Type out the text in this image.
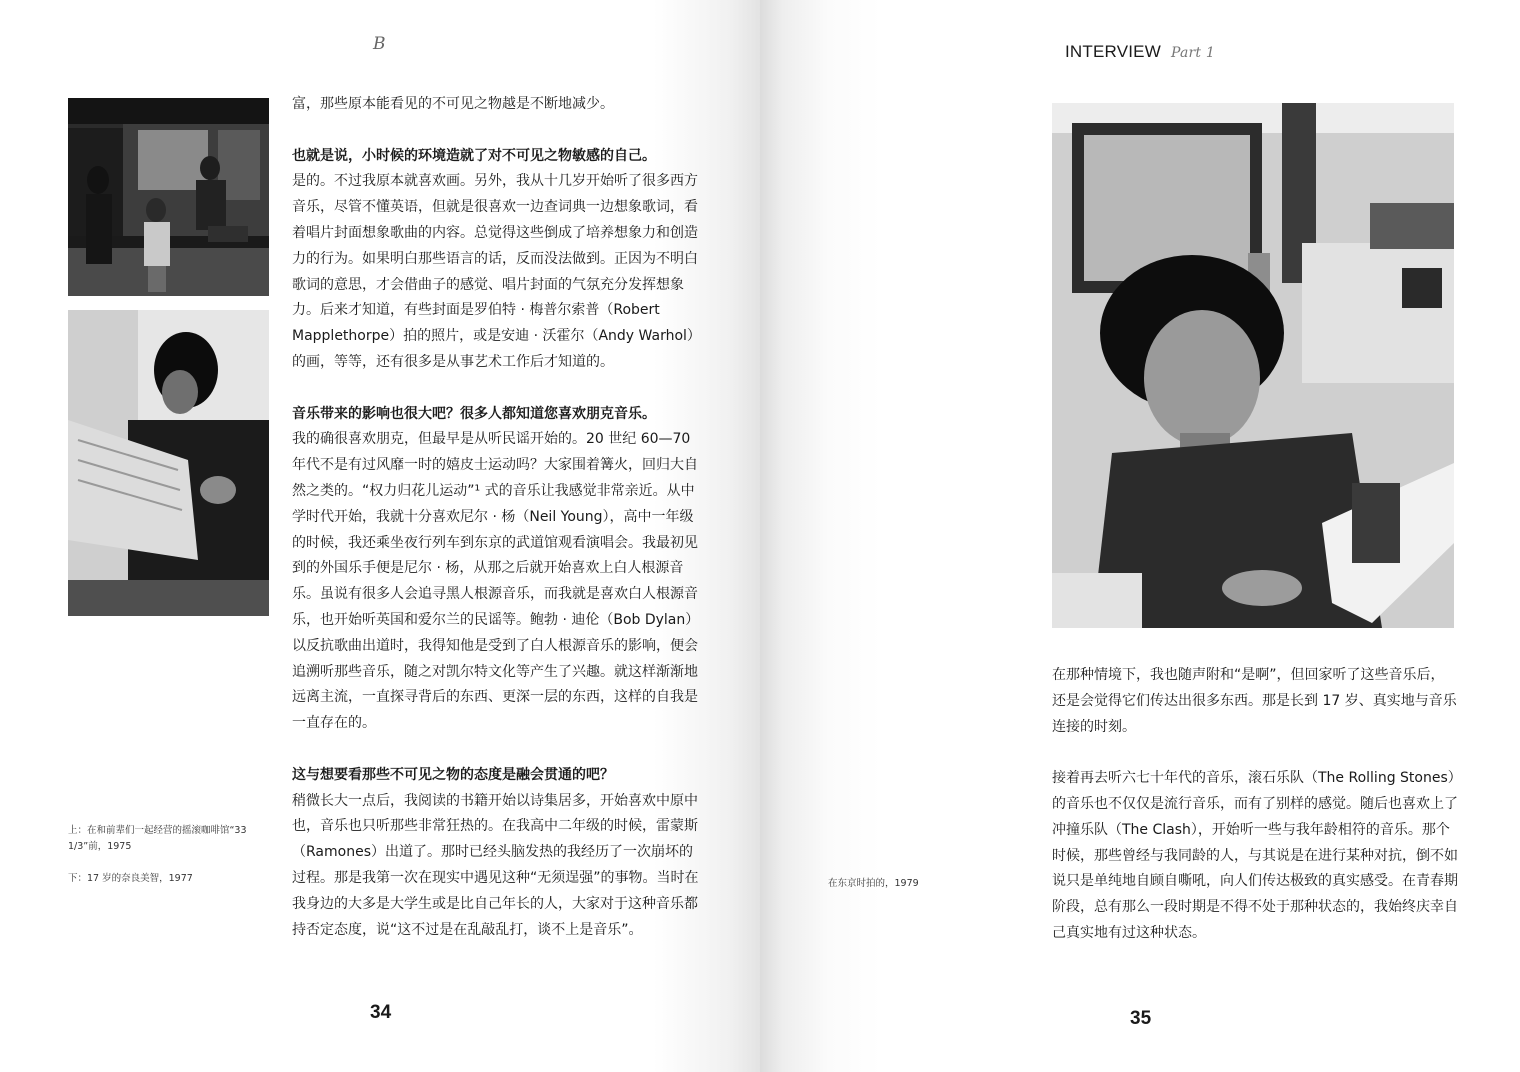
B

富，那些原本能看见的不可见之物越是不断地减少。

也就是说，小时候的环境造就了对不可见之物敏感的自己。

是的。不过我原本就喜欢画。另外，我从十几岁开始听了很多西方音乐，尽管不懂英语，但就是很喜欢一边查词典一边想象歌词，看着唱片封面想象歌曲的内容。总觉得这些倒成了培养想象力和创造力的行为。如果明白那些语言的话，反而没法做到。正因为不明白歌词的意思，才会借曲子的感觉、唱片封面的气氛充分发挥想象力。后来才知道，有些封面是罗伯特 · 梅普尔索普（Robert Mapplethorpe）拍的照片，或是安迪 · 沃霍尔（Andy Warhol）的画，等等，还有很多是从事艺术工作后才知道的。

音乐带来的影响也很大吧？很多人都知道您喜欢朋克音乐。

我的确很喜欢朋克，但最早是从听民谣开始的。20 世纪 60—70 年代不是有过风靡一时的嬉皮士运动吗？大家围着篝火，回归大自然之类的。“权力归花儿运动”¹ 式的音乐让我感觉非常亲近。从中学时代开始，我就十分喜欢尼尔 · 杨（Neil Young），高中一年级的时候，我还乘坐夜行列车到东京的武道馆观看演唱会。我最初见到的外国乐手便是尼尔 · 杨，从那之后就开始喜欢上白人根源音乐。虽说有很多人会追寻黑人根源音乐，而我就是喜欢白人根源音乐，也开始听英国和爱尔兰的民谣等。鲍勃 · 迪伦（Bob Dylan）以反抗歌曲出道时，我得知他是受到了白人根源音乐的影响，便会追溯听那些音乐，随之对凯尔特文化等产生了兴趣。就这样渐渐地远离主流，一直探寻背后的东西、更深一层的东西，这样的自我是一直存在的。

这与想要看那些不可见之物的态度是融会贯通的吧？

稍微长大一点后，我阅读的书籍开始以诗集居多，开始喜欢中原中也，音乐也只听那些非常狂热的。在我高中二年级的时候，雷蒙斯（Ramones）出道了。那时已经头脑发热的我经历了一次崩坏的过程。那是我第一次在现实中遇见这种“无须逞强”的事物。当时在我身边的大多是大学生或是比自己年长的人，大家对于这种音乐都持否定态度，说“这不过是在乱敲乱打，谈不上是音乐”。

上：在和前辈们一起经营的摇滚咖啡馆“33 1/3”前，1975
下：17 岁的奈良美智，1977
34
INTERVIEW Part 1
在东京时拍的，1979

在那种情境下，我也随声附和“是啊”，但回家听了这些音乐后，还是会觉得它们传达出很多东西。那是长到 17 岁、真实地与音乐连接的时刻。

接着再去听六七十年代的音乐，滚石乐队（The Rolling Stones）的音乐也不仅仅是流行音乐，而有了别样的感觉。随后也喜欢上了冲撞乐队（The Clash），开始听一些与我年龄相符的音乐。那个时候，那些曾经与我同龄的人，与其说是在进行某种对抗，倒不如说只是单纯地自顾自嘶吼，向人们传达极致的真实感受。在青春期阶段，总有那么一段时期是不得不处于那种状态的，我始终庆幸自己真实地有过这种状态。

35
